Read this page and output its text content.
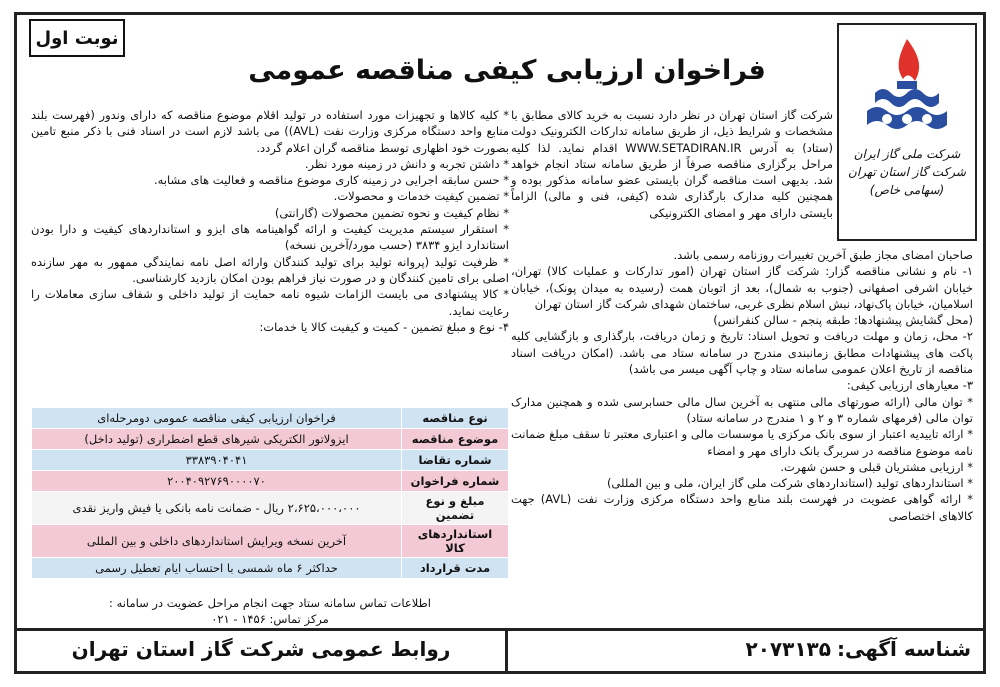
نوبت اول
شرکت ملی گاز ایران
شرکت گاز استان تهران
(سهامی خاص)
فراخوان ارزیابی کیفی مناقصه عمومی

شرکت گاز استان تهران در نظر دارد نسبت به خرید کالای مطابق با مشخصات و شرایط ذیل، از طریق سامانه تدارکات الکترونیک دولت (ستاد) به آدرس WWW.SETADIRAN.IR اقدام نماید. لذا کلیه مراحل برگزاری مناقصه صرفاً از طریق سامانه ستاد انجام خواهد شد. بدیهی است مناقصه گران بایستی عضو سامانه مذکور بوده و همچنین کلیه مدارک بارگذاری شده (کیفی، فنی و مالی) الزاماً بایستی دارای مهر و امضای الکترونیکی

صاحبان امضای مجاز طبق آخرین تغییرات روزنامه رسمی باشد.

۱- نام و نشانی مناقصه گزار: شرکت گاز استان تهران (امور تدارکات و عملیات کالا) تهران، خیابان اشرفی اصفهانی (جنوب به شمال)، بعد از اتوبان همت (رسیده به میدان پونک)، خیابان اسلامیان، خیابان پاک‌نهاد، نبش اسلام نظری غربی، ساختمان شهدای شرکت گاز استان تهران

(محل گشایش پیشنهادها: طبقه پنجم - سالن کنفرانس)

۲- محل، زمان و مهلت دریافت و تحویل اسناد: تاریخ و زمان دریافت، بارگذاری و بازگشایی کلیه پاکت های پیشنهادات مطابق زمانبندی مندرج در سامانه ستاد می باشد. (امکان دریافت اسناد مناقصه از تاریخ اعلان عمومی سامانه ستاد و چاپ آگهی میسر می باشد)

۳- معیارهای ارزیابی کیفی:

* توان مالی (ارائه صورتهای مالی منتهی به آخرین سال مالی حسابرسی شده و همچنین مدارک توان مالی (فرمهای شماره ۳ و ۲ و ۱ مندرج در سامانه ستاد)

* ارائه تاییدیه اعتبار از سوی بانک مرکزی یا موسسات مالی و اعتباری معتبر تا سقف مبلغ ضمانت نامه موضوع مناقصه در سربرگ بانک دارای مهر و امضاء

* ارزیابی مشتریان قبلی و حسن شهرت.

* استانداردهای تولید (استانداردهای شرکت ملی گاز ایران، ملی و بین المللی)

* ارائه گواهی عضویت در فهرست بلند منابع واحد دستگاه مرکزی وزارت نفت (AVL) جهت کالاهای اختصاصی

* کلیه کالاها و تجهیزات مورد استفاده در تولید اقلام موضوع مناقصه که دارای وندور (فهرست بلند منابع واحد دستگاه مرکزی وزارت نفت (AVL)) می باشد لازم است در اسناد فنی با ذکر منبع تامین بصورت خود اظهاری توسط مناقصه گران اعلام گردد.

* داشتن تجربه و دانش در زمینه مورد نظر.

* حسن سابقه اجرایی در زمینه کاری موضوع مناقصه و فعالیت های مشابه.

* تضمین کیفیت خدمات و محصولات.

* نظام کیفیت و نحوه تضمین محصولات (گارانتی)

* استقرار سیستم مدیریت کیفیت و ارائه گواهینامه های ایزو و استانداردهای کیفیت و دارا بودن استاندارد ایزو ۳۸۳۴ (حسب مورد/آخرین نسخه)

* ظرفیت تولید (پروانه تولید برای تولید کنندگان وارائه اصل نامه نمایندگی ممهور به مهر سازنده اصلی برای تامین کنندگان و در صورت نیاز فراهم بودن امکان بازدید کارشناسی.

* کالا پیشنهادی می بایست الزامات شیوه نامه حمایت از تولید داخلی و شفاف سازی معاملات را رعایت نماید.

۴- نوع و مبلغ تضمین - کمیت و کیفیت کالا یا خدمات:

نوع مناقصه	فراخوان ارزیابی کیفی مناقصه عمومی دومرحله‌ای
موضوع مناقصه	ایزولاتور الکتریکی شیرهای قطع اضطراری (تولید داخل)
شماره تقاضا	۳۳۸۳۹۰۴۰۴۱
شماره فراخوان	۲۰۰۴۰۹۲۷۶۹۰۰۰۰۷۰
مبلغ و نوع تضمین	۲،۶۲۵،۰۰۰،۰۰۰ ریال - ضمانت نامه بانکی یا فیش واریز نقدی
استانداردهای کالا	آخرین نسخه ویرایش استانداردهای داخلی و بین المللی
مدت قرارداد	حداکثر ۶ ماه شمسی با احتساب ایام تعطیل رسمی

اطلاعات تماس سامانه ستاد جهت انجام مراحل عضویت در سامانه :

مرکز تماس: ۱۴۵۶ - ۰۲۱

شناسه آگهی:۲۰۷۳۱۳۵
روابط عمومی شرکت گاز استان تهران
